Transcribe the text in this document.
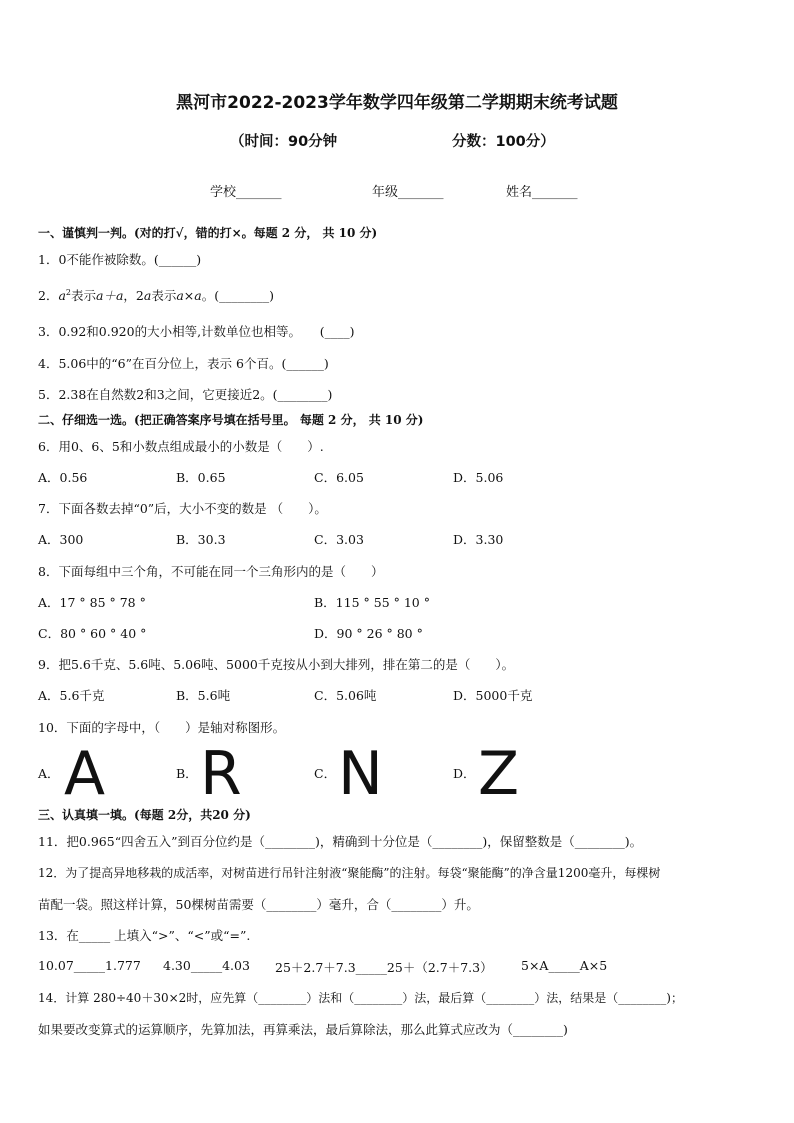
黑河市2022-2023学年数学四年级第二学期期末统考试题
（时间：90分钟	分数：100分）
学校_______	年级_______	姓名_______
一、谨慎判一判。(对的打√，错的打×。每题 2 分， 共 10 分)
1．0不能作被除数。(______)
2．$a^2$表示a＋a，2a表示a×a。(________)
3．0.92和0.920的大小相等,计数单位也相等。　　(____)
4．5.06中的“6”在百分位上，表示 6个百。(______)
5．2.38在自然数2和3之间，它更接近2。(________)
二、仔细选一选。(把正确答案序号填在括号里。 每题 2 分， 共 10 分)
6．用0、6、5和小数点组成最小的小数是（　　）.
A．0.56	B．0.65	C．6.05	D．5.06
7．下面各数去掉“0”后，大小不变的数是 （　　）。
A．300	B．30.3	C．3.03	D．3.30
8．下面每组中三个角，不可能在同一个三角形内的是（　　）
A．17 ° 85 ° 78 °	B．115 ° 55 ° 10 °
C．80 ° 60 ° 40 °	D．90 ° 26 ° 80 °
9．把5.6千克、5.6吨、5.06吨、5000千克按从小到大排列，排在第二的是（　　）。
A．5.6千克	B．5.6吨	C．5.06吨	D．5000千克
10．下面的字母中，（　　）是轴对称图形。
A． A	B． R	C． N	D． Z
三、认真填一填。(每题 2分，共20 分)
11．把0.965“四舍五入”到百分位约是（________)，精确到十分位是（________)，保留整数是（________)。
12．为了提高异地移栽的成活率，对树苗进行吊针注射液“聚能酶”的注射。每袋“聚能酶”的净含量1200毫升，每棵树
苗配一袋。照这样计算，50棵树苗需要（________）毫升，合（________）升。
13．在_____ 上填入“>”、“<”或“=”.
10.07_____1.777 4.30_____4.03 25＋2.7＋7.3_____25＋（2.7＋7.3） 5×A_____A×5
14．计算 280÷40＋30×2时，应先算（________）法和（________）法，最后算（________）法，结果是（________)；
如果要改变算式的运算顺序，先算加法，再算乘法，最后算除法，那么此算式应改为（________)
